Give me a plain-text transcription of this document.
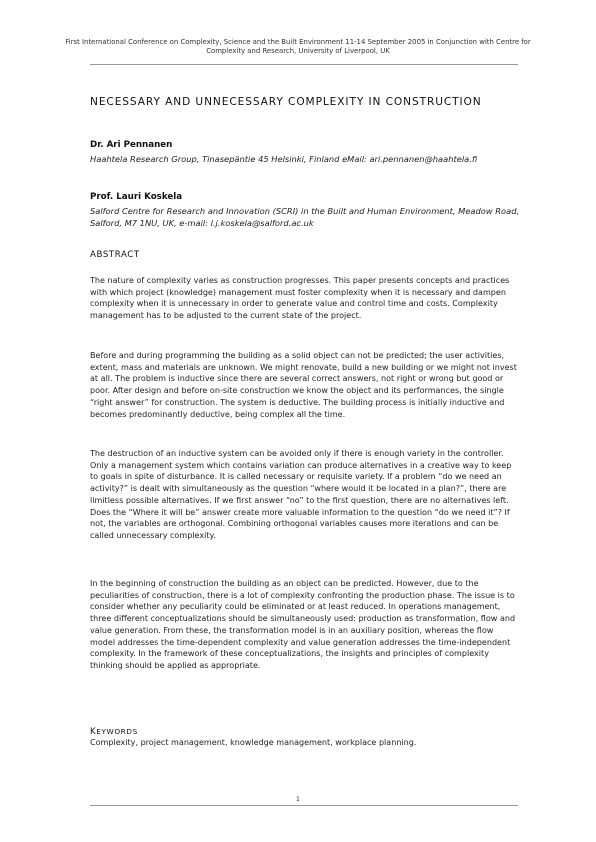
First International Conference on Complexity, Science and the Built Environment 11-14 September 2005 in Conjunction with Centre for Complexity and Research, University of Liverpool, UK
NECESSARY AND UNNECESSARY COMPLEXITY IN CONSTRUCTION
Dr. Ari Pennanen
Haahtela Research Group, Tinasepäntie 45 Helsinki, Finland eMail: ari.pennanen@haahtela.fi
Prof. Lauri Koskela
Salford Centre for Research and Innovation (SCRI) in the Built and Human Environment, Meadow Road, Salford, M7 1NU, UK, e-mail: l.j.koskela@salford.ac.uk
ABSTRACT

The nature of complexity varies as construction progresses. This paper presents concepts and practices with which project (knowledge) management must foster complexity when it is necessary and dampen complexity when it is unnecessary in order to generate value and control time and costs. Complexity management has to be adjusted to the current state of the project.

Before and during programming the building as a solid object can not be predicted; the user activities, extent, mass and materials are unknown. We might renovate, build a new building or we might not invest at all. The problem is inductive since there are several correct answers, not right or wrong but good or poor. After design and before on-site construction we know the object and its performances, the single “right answer” for construction. The system is deductive. The building process is initially inductive and becomes predominantly deductive, being complex all the time.

The destruction of an inductive system can be avoided only if there is enough variety in the controller. Only a management system which contains variation can produce alternatives in a creative way to keep to goals in spite of disturbance. It is called necessary or requisite variety. If a problem “do we need an activity?” is dealt with simultaneously as the question “where would it be located in a plan?”, there are limitless possible alternatives. If we first answer “no” to the first question, there are no alternatives left. Does the “Where it will be” answer create more valuable information to the question “do we need it”? If not, the variables are orthogonal. Combining orthogonal variables causes more iterations and can be called unnecessary complexity.

In the beginning of construction the building as an object can be predicted. However, due to the peculiarities of construction, there is a lot of complexity confronting the production phase. The issue is to consider whether any peculiarity could be eliminated or at least reduced. In operations management, three different conceptualizations should be simultaneously used: production as transformation, flow and value generation. From these, the transformation model is in an auxiliary position, whereas the flow model addresses the time-dependent complexity and value generation addresses the time-independent complexity. In the framework of these conceptualizations, the insights and principles of complexity thinking should be applied as appropriate.

KEYWORDS
Complexity, project management, knowledge management, workplace planning.
1
